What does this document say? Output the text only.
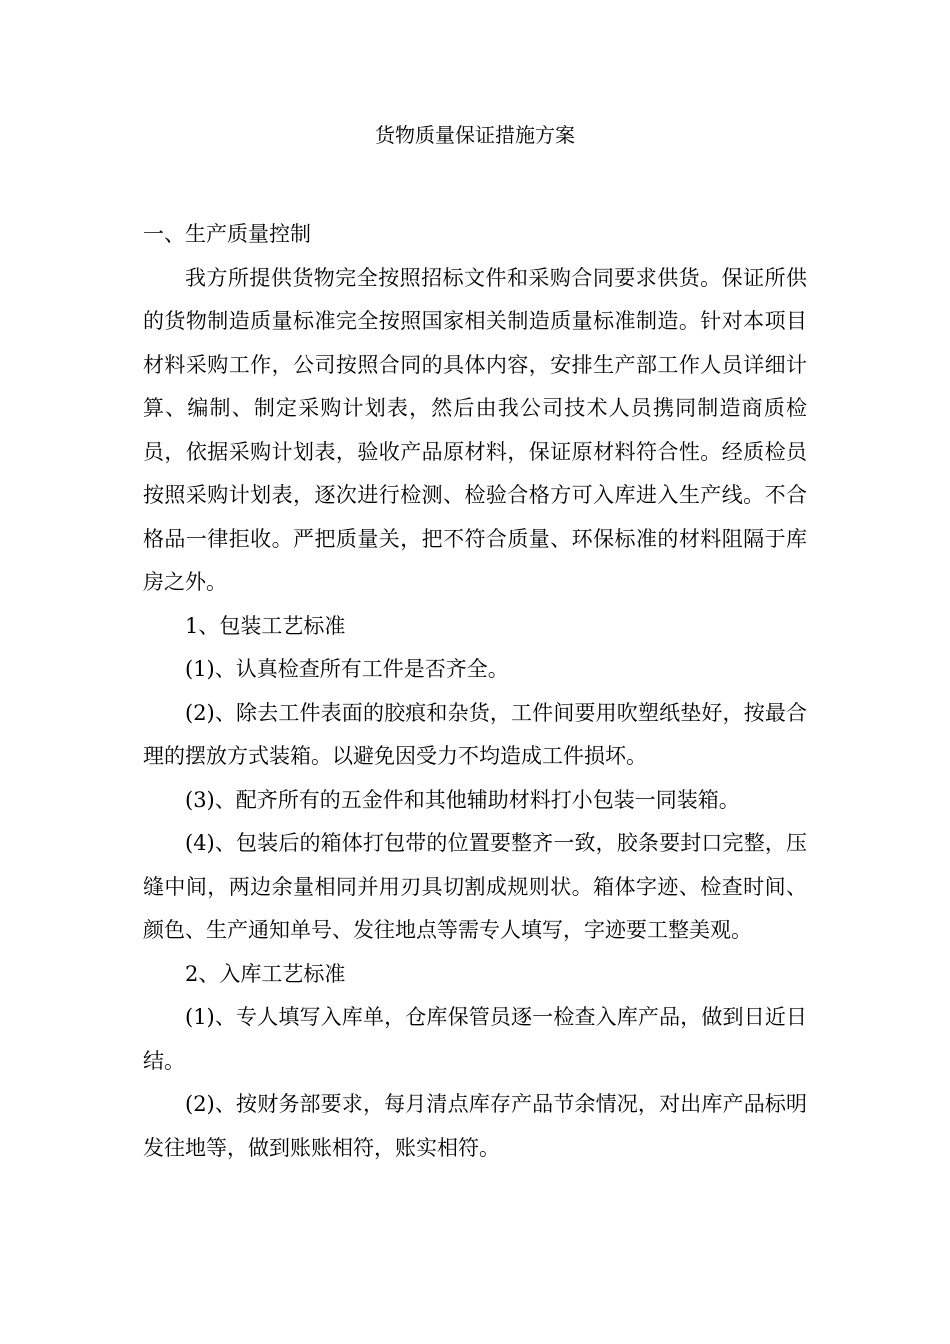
货物质量保证措施方案

一、生产质量控制

我方所提供货物完全按照招标文件和采购合同要求供货。保证所供的货物制造质量标准完全按照国家相关制造质量标准制造。针对本项目材料采购工作，公司按照合同的具体内容，安排生产部工作人员详细计算、编制、制定采购计划表，然后由我公司技术人员携同制造商质检员，依据采购计划表，验收产品原材料，保证原材料符合性。经质检员按照采购计划表，逐次进行检测、检验合格方可入库进入生产线。不合格品一律拒收。严把质量关，把不符合质量、环保标准的材料阻隔于库房之外。

1、包装工艺标准

(1)、认真检查所有工件是否齐全。

(2)、除去工件表面的胶痕和杂货，工件间要用吹塑纸垫好，按最合理的摆放方式装箱。以避免因受力不均造成工件损坏。

(3)、配齐所有的五金件和其他辅助材料打小包装一同装箱。

(4)、包装后的箱体打包带的位置要整齐一致，胶条要封口完整，压缝中间，两边余量相同并用刃具切割成规则状。箱体字迹、检查时间、颜色、生产通知单号、发往地点等需专人填写，字迹要工整美观。

2、入库工艺标准

(1)、专人填写入库单，仓库保管员逐一检查入库产品，做到日近日结。

(2)、按财务部要求，每月清点库存产品节余情况，对出库产品标明发往地等，做到账账相符，账实相符。
